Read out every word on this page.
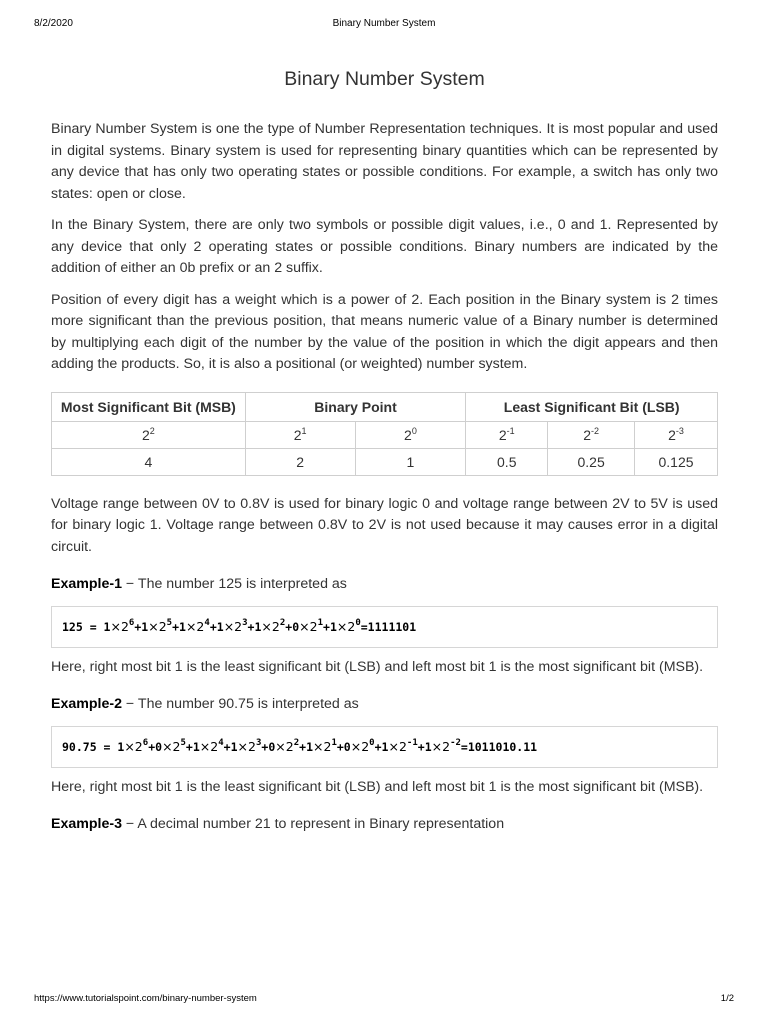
8/2/2020	Binary Number System
Binary Number System

Binary Number System is one the type of Number Representation techniques. It is most popular and used in digital systems. Binary system is used for representing binary quantities which can be represented by any device that has only two operating states or possible conditions. For example, a switch has only two states: open or close.

In the Binary System, there are only two symbols or possible digit values, i.e., 0 and 1. Represented by any device that only 2 operating states or possible conditions. Binary numbers are indicated by the addition of either an 0b prefix or an 2 suffix.

Position of every digit has a weight which is a power of 2. Each position in the Binary system is 2 times more significant than the previous position, that means numeric value of a Binary number is determined by multiplying each digit of the number by the value of the position in which the digit appears and then adding the products. So, it is also a positional (or weighted) number system.

Most Significant Bit (MSB)	Binary Point		Least Significant Bit (LSB)		
$2^2$	$2^1$	$2^0$	$2^{-1}$	$2^{-2}$	$2^{-3}$
4	2	1	0.5	0.25	0.125

Voltage range between 0V to 0.8V is used for binary logic 0 and voltage range between 2V to 5V is used for binary logic 1. Voltage range between 0.8V to 2V is not used because it may causes error in a digital circuit.

Example-1 − The number 125 is interpreted as
$125 = 1\times 2^6+1\times 2^5+1\times 2^4+1\times 2^3+1\times 2^2+0\times 2^1+1\times 2^0=1111101$

Here, right most bit 1 is the least significant bit (LSB) and left most bit 1 is the most significant bit (MSB).

Example-2 − The number 90.75 is interpreted as
$90.75 = 1\times 2^6+0\times 2^5+1\times 2^4+1\times 2^3+0\times 2^2+1\times 2^1+0\times 2^0+1\times 2^{-1}+1\times 2^{-2}=1011010.11$

Here, right most bit 1 is the least significant bit (LSB) and left most bit 1 is the most significant bit (MSB).

Example-3 − A decimal number 21 to represent in Binary representation
https://www.tutorialspoint.com/binary-number-system	1/2
